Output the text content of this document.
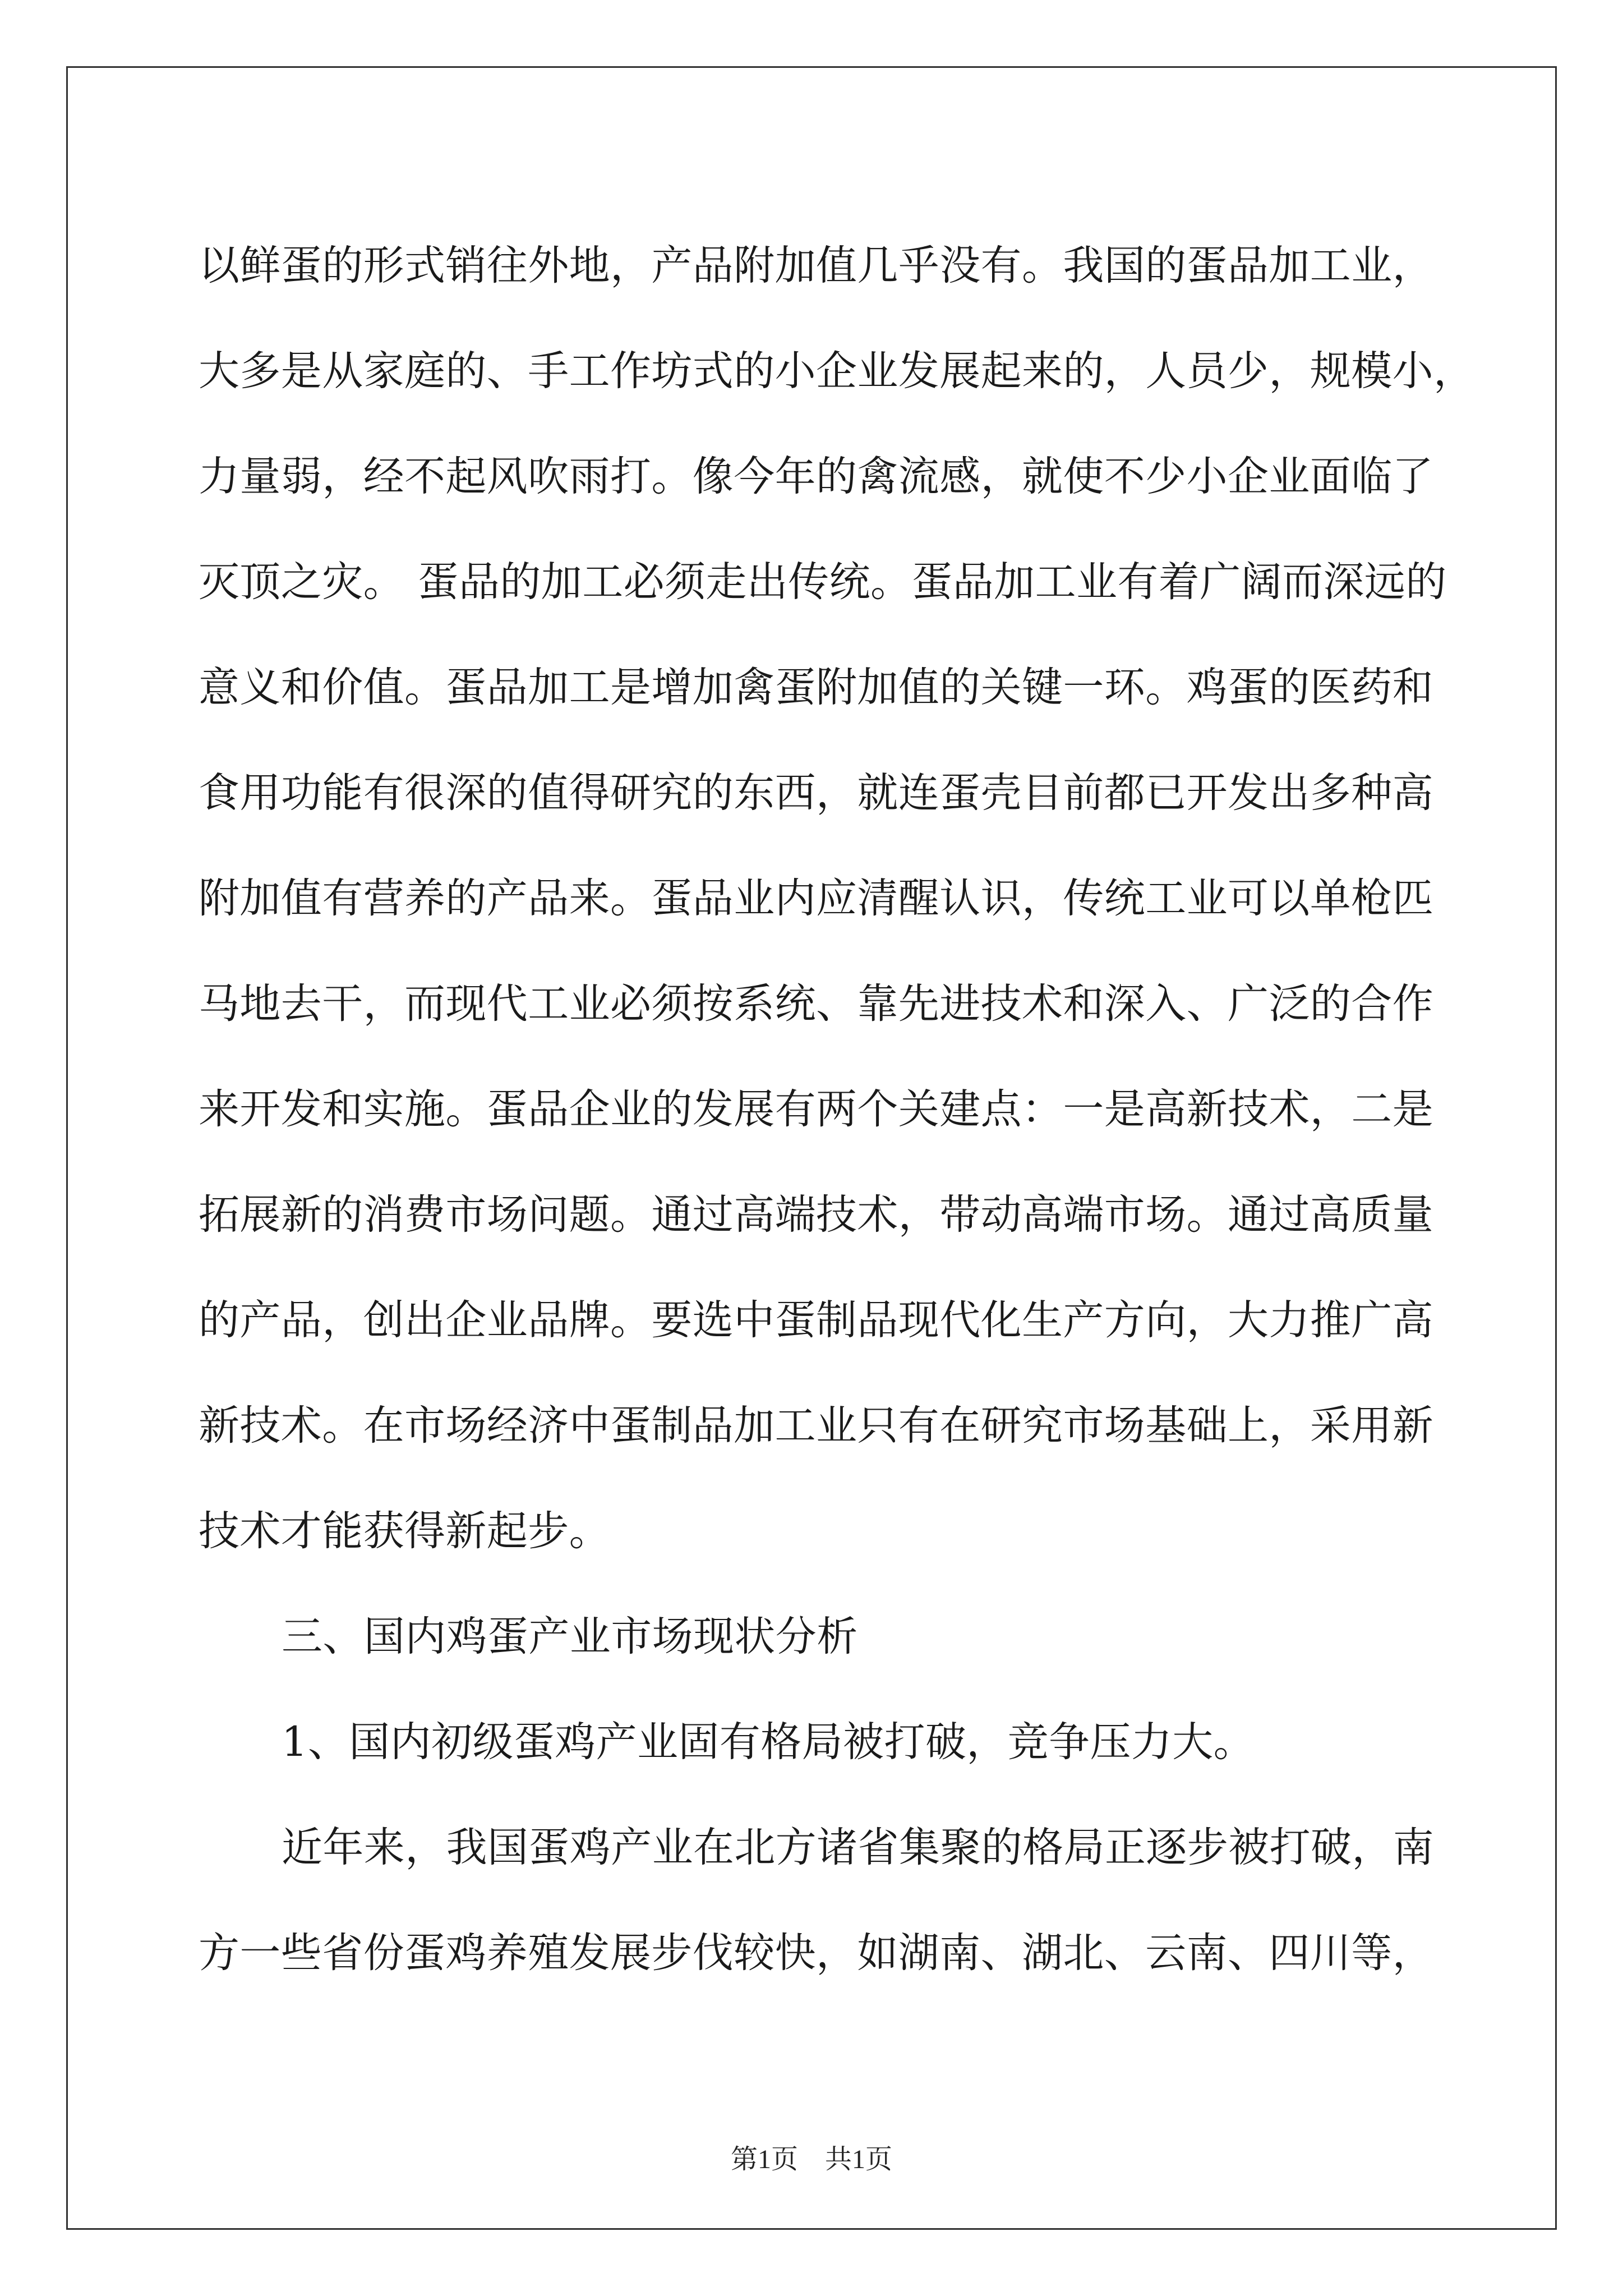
以鲜蛋的形式销往外地，产品附加值几乎没有。我国的蛋品加工业，
大多是从家庭的、手工作坊式的小企业发展起来的，人员少，规模小，
力量弱，经不起风吹雨打。像今年的禽流感，就使不少小企业面临了
灭顶之灾。 蛋品的加工必须走出传统。蛋品加工业有着广阔而深远的
意义和价值。蛋品加工是增加禽蛋附加值的关键一环。鸡蛋的医药和
食用功能有很深的值得研究的东西，就连蛋壳目前都已开发出多种高
附加值有营养的产品来。蛋品业内应清醒认识，传统工业可以单枪匹
马地去干，而现代工业必须按系统、靠先进技术和深入、广泛的合作
来开发和实施。蛋品企业的发展有两个关建点：一是高新技术，二是
拓展新的消费市场问题。通过高端技术，带动高端市场。通过高质量
的产品，创出企业品牌。要选中蛋制品现代化生产方向，大力推广高
新技术。在市场经济中蛋制品加工业只有在研究市场基础上，采用新
技术才能获得新起步。
三、国内鸡蛋产业市场现状分析
1、国内初级蛋鸡产业固有格局被打破，竞争压力大。
近年来，我国蛋鸡产业在北方诸省集聚的格局正逐步被打破，南
方一些省份蛋鸡养殖发展步伐较快，如湖南、湖北、云南、四川等，
第1页　共1页
